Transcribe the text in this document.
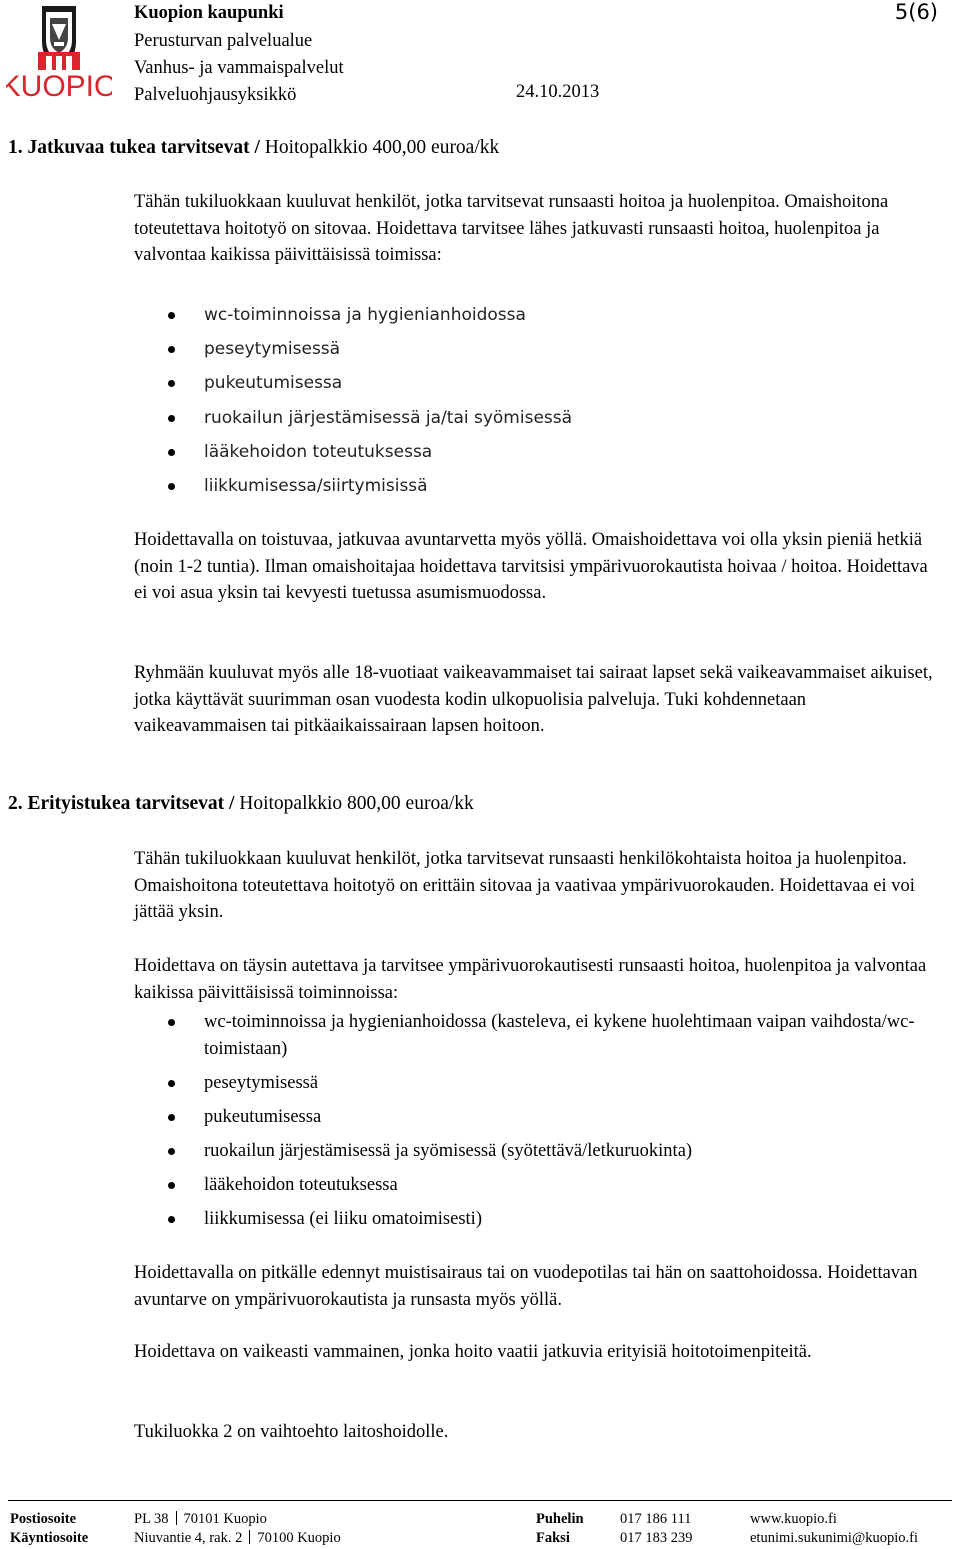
KUOPIO
Kuopion kaupunki
Perusturvan palvelualue
Vanhus- ja vammaispalvelut
Palveluohjausyksikkö	24.10.2013
5(6)
1. Jatkuvaa tukea tarvitsevat / Hoitopalkkio 400,00 euroa/kk

Tähän tukiluokkaan kuuluvat henkilöt, jotka tarvitsevat runsaasti hoitoa ja huolenpitoa. Omaishoitona toteutettava hoitotyö on sitovaa. Hoidettava tarvitsee lähes jatkuvasti runsaasti hoitoa, huolenpitoa ja valvontaa kaikissa päivittäisissä toimissa:

wc-toiminnoissa ja hygienianhoidossa
peseytymisessä
pukeutumisessa
ruokailun järjestämisessä ja/tai syömisessä
lääkehoidon toteutuksessa
liikkumisessa/siirtymisissä

Hoidettavalla on toistuvaa, jatkuvaa avuntarvetta myös yöllä. Omaishoidettava voi olla yksin pieniä hetkiä (noin 1-2 tuntia). Ilman omaishoitajaa hoidettava tarvitsisi ympärivuorokautista hoivaa / hoitoa. Hoidettava ei voi asua yksin tai kevyesti tuetussa asumismuodossa.

Ryhmään kuuluvat myös alle 18-vuotiaat vaikeavammaiset tai sairaat lapset sekä vaikeavammaiset aikuiset, jotka käyttävät suurimman osan vuodesta kodin ulkopuolisia palveluja. Tuki kohdennetaan vaikeavammaisen tai pitkäaikaissairaan lapsen hoitoon.

2. Erityistukea tarvitsevat / Hoitopalkkio 800,00 euroa/kk

Tähän tukiluokkaan kuuluvat henkilöt, jotka tarvitsevat runsaasti henkilökohtaista hoitoa ja huolenpitoa. Omaishoitona toteutettava hoitotyö on erittäin sitovaa ja vaativaa ympärivuorokauden. Hoidettavaa ei voi jättää yksin.

Hoidettava on täysin autettava ja tarvitsee ympärivuorokautisesti runsaasti hoitoa, huolenpitoa ja valvontaa kaikissa päivittäisissä toiminnoissa:

wc-toiminnoissa ja hygienianhoidossa (kasteleva, ei kykene huolehtimaan vaipan vaihdosta/wc-toimistaan)
peseytymisessä
pukeutumisessa
ruokailun järjestämisessä ja syömisessä (syötettävä/letkuruokinta)
lääkehoidon toteutuksessa
liikkumisessa (ei liiku omatoimisesti)

Hoidettavalla on pitkälle edennyt muistisairaus tai on vuodepotilas tai hän on saattohoidossa. Hoidettavan avuntarve on ympärivuorokautista ja runsasta myös yöllä.

Hoidettava on vaikeasti vammainen, jonka hoito vaatii jatkuvia erityisiä hoitotoimenpiteitä.

Tukiluokka 2 on vaihtoehto laitoshoidolle.

Postiosoite	PL 38 70101 Kuopio	Puhelin	017 186 111	www.kuopio.fi
Käyntiosoite	Niuvantie 4, rak. 2 70100 Kuopio	Faksi	017 183 239	etunimi.sukunimi@kuopio.fi
